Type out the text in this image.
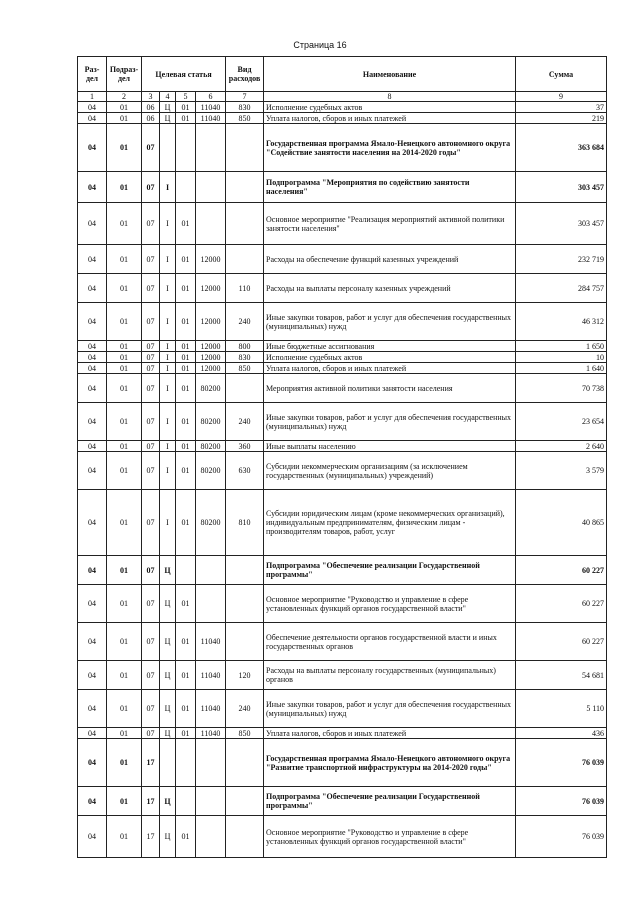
Страница 16
Раз-дел	Подраз-дел	Целевая статья				Вид расходов	Наименование	Сумма
1	2	3	4	5	6	7	8	9
04	01	06	Ц	01	11040	830	Исполнение судебных актов	37
04	01	06	Ц	01	11040	850	Уплата налогов, сборов и иных платежей	219
04	01	07					Государственная программа Ямало-Ненецкого автономного округа "Содействие занятости населения на 2014-2020 годы"	363 684
04	01	07	I				Подпрограмма "Мероприятия по содействию занятости населения"	303 457
04	01	07	I	01			Основное мероприятие "Реализация мероприятий активной политики занятости населения"	303 457
04	01	07	I	01	12000		Расходы на обеспечение функций казенных учреждений	232 719
04	01	07	I	01	12000	110	Расходы на выплаты персоналу казенных учреждений	284 757
04	01	07	I	01	12000	240	Иные закупки товаров, работ и услуг для обеспечения государственных (муниципальных) нужд	46 312
04	01	07	I	01	12000	800	Иные бюджетные ассигнования	1 650
04	01	07	I	01	12000	830	Исполнение судебных актов	10
04	01	07	I	01	12000	850	Уплата налогов, сборов и иных платежей	1 640
04	01	07	I	01	80200		Мероприятия активной политики занятости населения	70 738
04	01	07	I	01	80200	240	Иные закупки товаров, работ и услуг для обеспечения государственных (муниципальных) нужд	23 654
04	01	07	I	01	80200	360	Иные выплаты населению	2 640
04	01	07	I	01	80200	630	Субсидии некоммерческим организациям (за исключением государственных (муниципальных) учреждений)	3 579
04	01	07	I	01	80200	810	Субсидии юридическим лицам (кроме некоммерческих организаций), индивидуальным предпринимателям, физическим лицам - производителям товаров, работ, услуг	40 865
04	01	07	Ц				Подпрограмма "Обеспечение реализации Государственной программы"	60 227
04	01	07	Ц	01			Основное мероприятие "Руководство и управление в сфере установленных функций органов государственной власти"	60 227
04	01	07	Ц	01	11040		Обеспечение деятельности органов государственной власти и иных государственных органов	60 227
04	01	07	Ц	01	11040	120	Расходы на выплаты персоналу государственных (муниципальных) органов	54 681
04	01	07	Ц	01	11040	240	Иные закупки товаров, работ и услуг для обеспечения государственных (муниципальных) нужд	5 110
04	01	07	Ц	01	11040	850	Уплата налогов, сборов и иных платежей	436
04	01	17					Государственная программа Ямало-Ненецкого автономного округа "Развитие транспортной инфраструктуры на 2014-2020 годы"	76 039
04	01	17	Ц				Подпрограмма "Обеспечение реализации Государственной программы"	76 039
04	01	17	Ц	01			Основное мероприятие "Руководство и управление в сфере установленных функций органов государственной власти"	76 039
